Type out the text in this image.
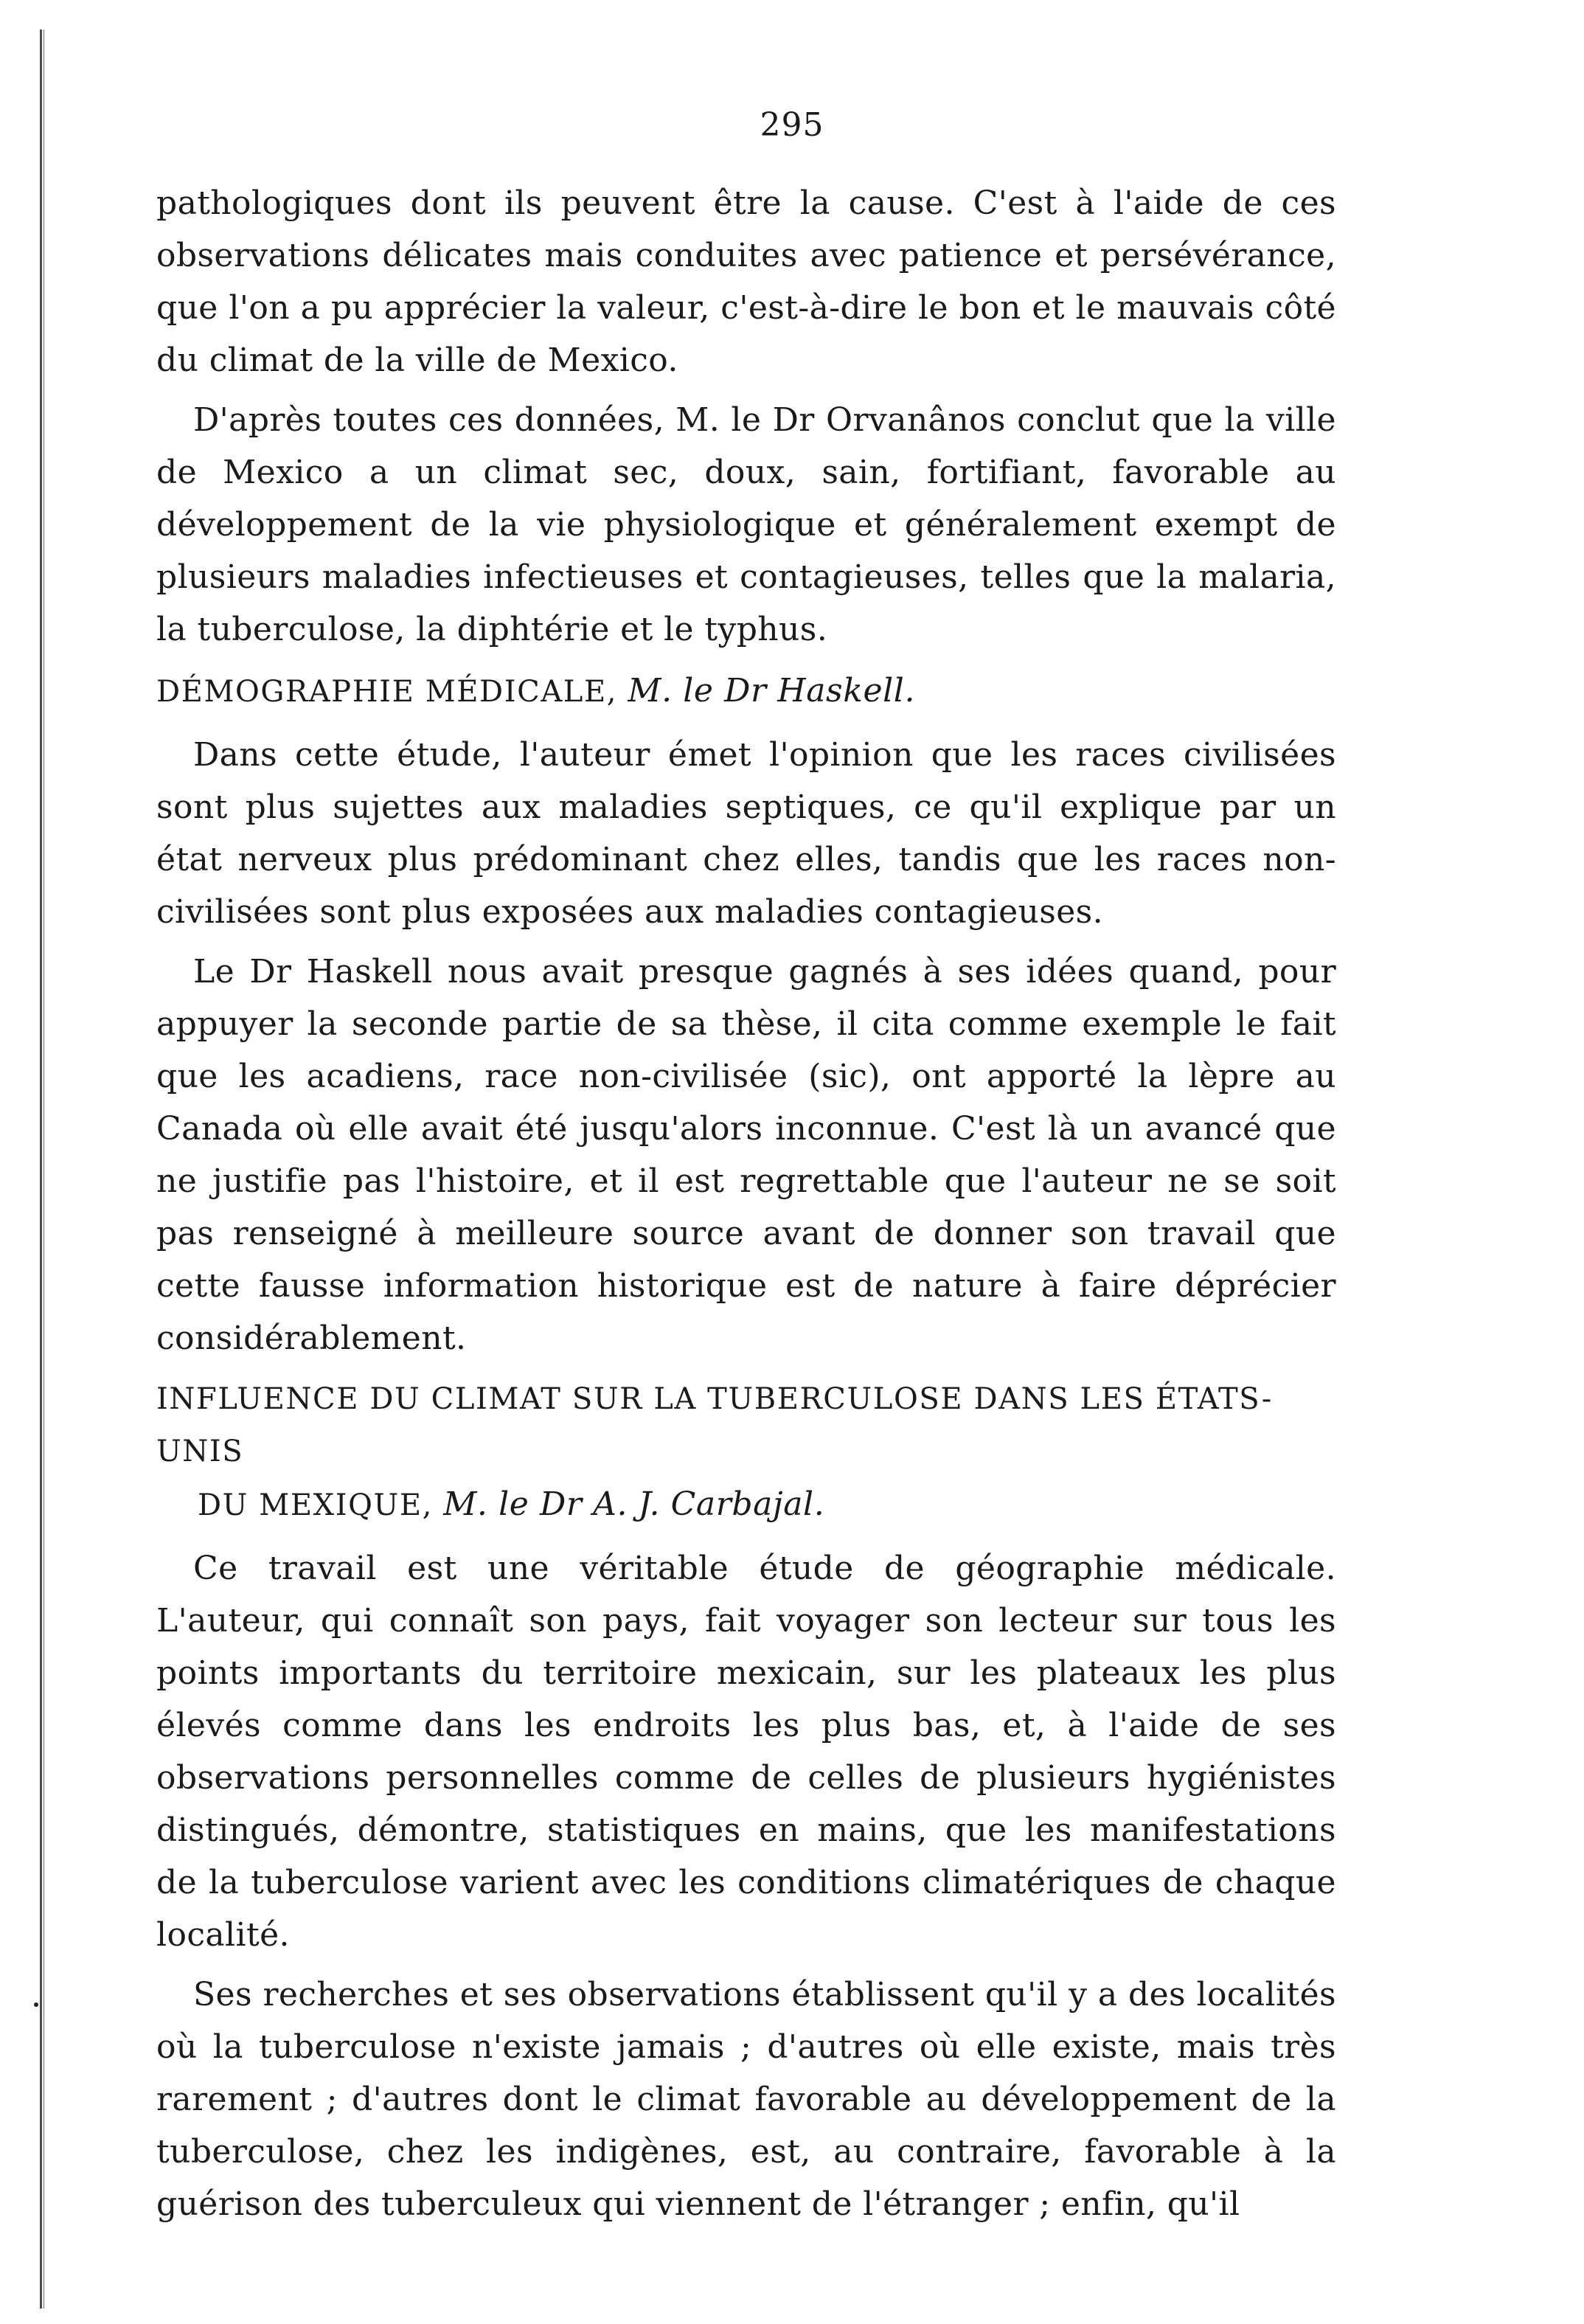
295

pathologiques dont ils peuvent être la cause. C'est à l'aide de ces observations délicates mais conduites avec patience et persévérance, que l'on a pu apprécier la valeur, c'est-à-dire le bon et le mauvais côté du climat de la ville de Mexico.

D'après toutes ces données, M. le Dr Orvanânos conclut que la ville de Mexico a un climat sec, doux, sain, fortifiant, favorable au développement de la vie physiologique et généralement exempt de plusieurs maladies infectieuses et contagieuses, telles que la malaria, la tuberculose, la diphtérie et le typhus.

DÉMOGRAPHIE MÉDICALE, M. le Dr Haskell.

Dans cette étude, l'auteur émet l'opinion que les races civilisées sont plus sujettes aux maladies septiques, ce qu'il explique par un état nerveux plus prédominant chez elles, tandis que les races non-civilisées sont plus exposées aux maladies contagieuses.

Le Dr Haskell nous avait presque gagnés à ses idées quand, pour appuyer la seconde partie de sa thèse, il cita comme exemple le fait que les acadiens, race non-civilisée (sic), ont apporté la lèpre au Canada où elle avait été jusqu'alors inconnue. C'est là un avancé que ne justifie pas l'histoire, et il est regrettable que l'auteur ne se soit pas renseigné à meilleure source avant de donner son travail que cette fausse information historique est de nature à faire déprécier considérablement.

INFLUENCE DU CLIMAT SUR LA TUBERCULOSE DANS LES ÉTATS-UNIS
DU MEXIQUE, M. le Dr A. J. Carbajal.

Ce travail est une véritable étude de géographie médicale. L'auteur, qui connaît son pays, fait voyager son lecteur sur tous les points importants du territoire mexicain, sur les plateaux les plus élevés comme dans les endroits les plus bas, et, à l'aide de ses observations personnelles comme de celles de plusieurs hygiénistes distingués, démontre, statistiques en mains, que les manifestations de la tuberculose varient avec les conditions climatériques de chaque localité.

Ses recherches et ses observations établissent qu'il y a des localités où la tuberculose n'existe jamais ; d'autres où elle existe, mais très rarement ; d'autres dont le climat favorable au développement de la tuberculose, chez les indigènes, est, au contraire, favorable à la guérison des tuberculeux qui viennent de l'étranger ; enfin, qu'il
